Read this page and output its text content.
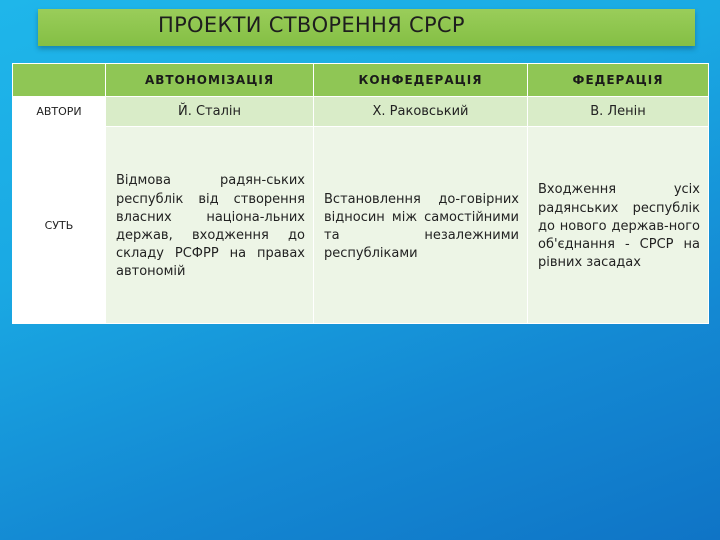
ПРОЕКТИ СТВОРЕННЯ СРСР
	АВТОНОМІЗАЦІЯ	КОНФЕДЕРАЦІЯ	ФЕДЕРАЦІЯ
АВТОРИ	Й. Сталін	Х. Раковський	В. Ленін
СУТЬ	Відмова радян-ських республік від створення власних націона-льних держав, входження до складу РСФРР на правах автономій	Встановлення до-говірних відносин між самостійними та незалежними республіками	Входження усіх радянських республік до нового держав-ного об'єднання - СРСР на рівних засадах
